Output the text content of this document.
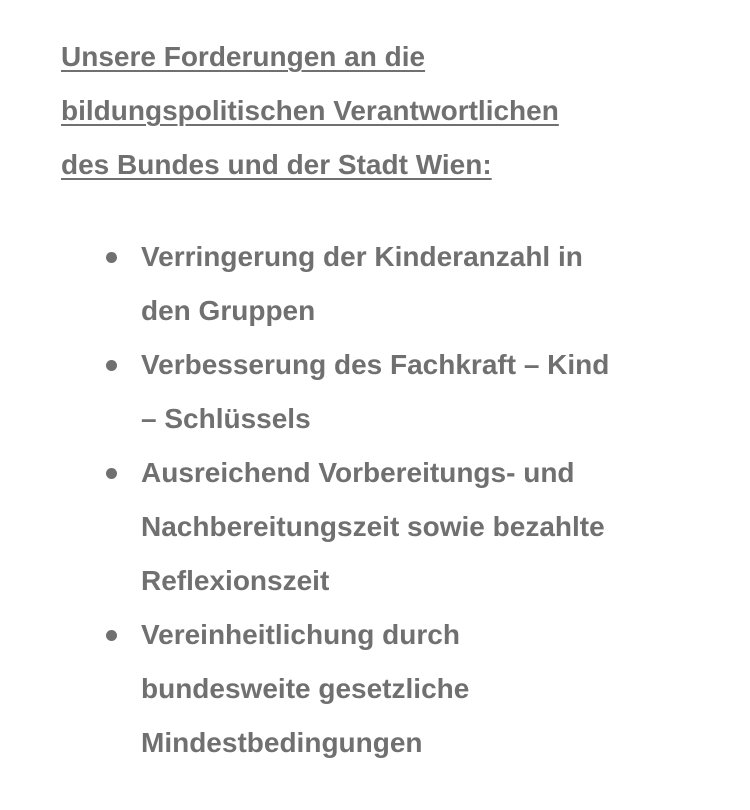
Unsere Forderungen an die
bildungspolitischen Verantwortlichen
des Bundes und der Stadt Wien:
Verringerung der Kinderanzahl in
den Gruppen
Verbesserung des Fachkraft – Kind
– Schlüssels
Ausreichend Vorbereitungs- und
Nachbereitungszeit sowie bezahlte
Reflexionszeit
Vereinheitlichung durch
bundesweite gesetzliche
Mindestbedingungen
